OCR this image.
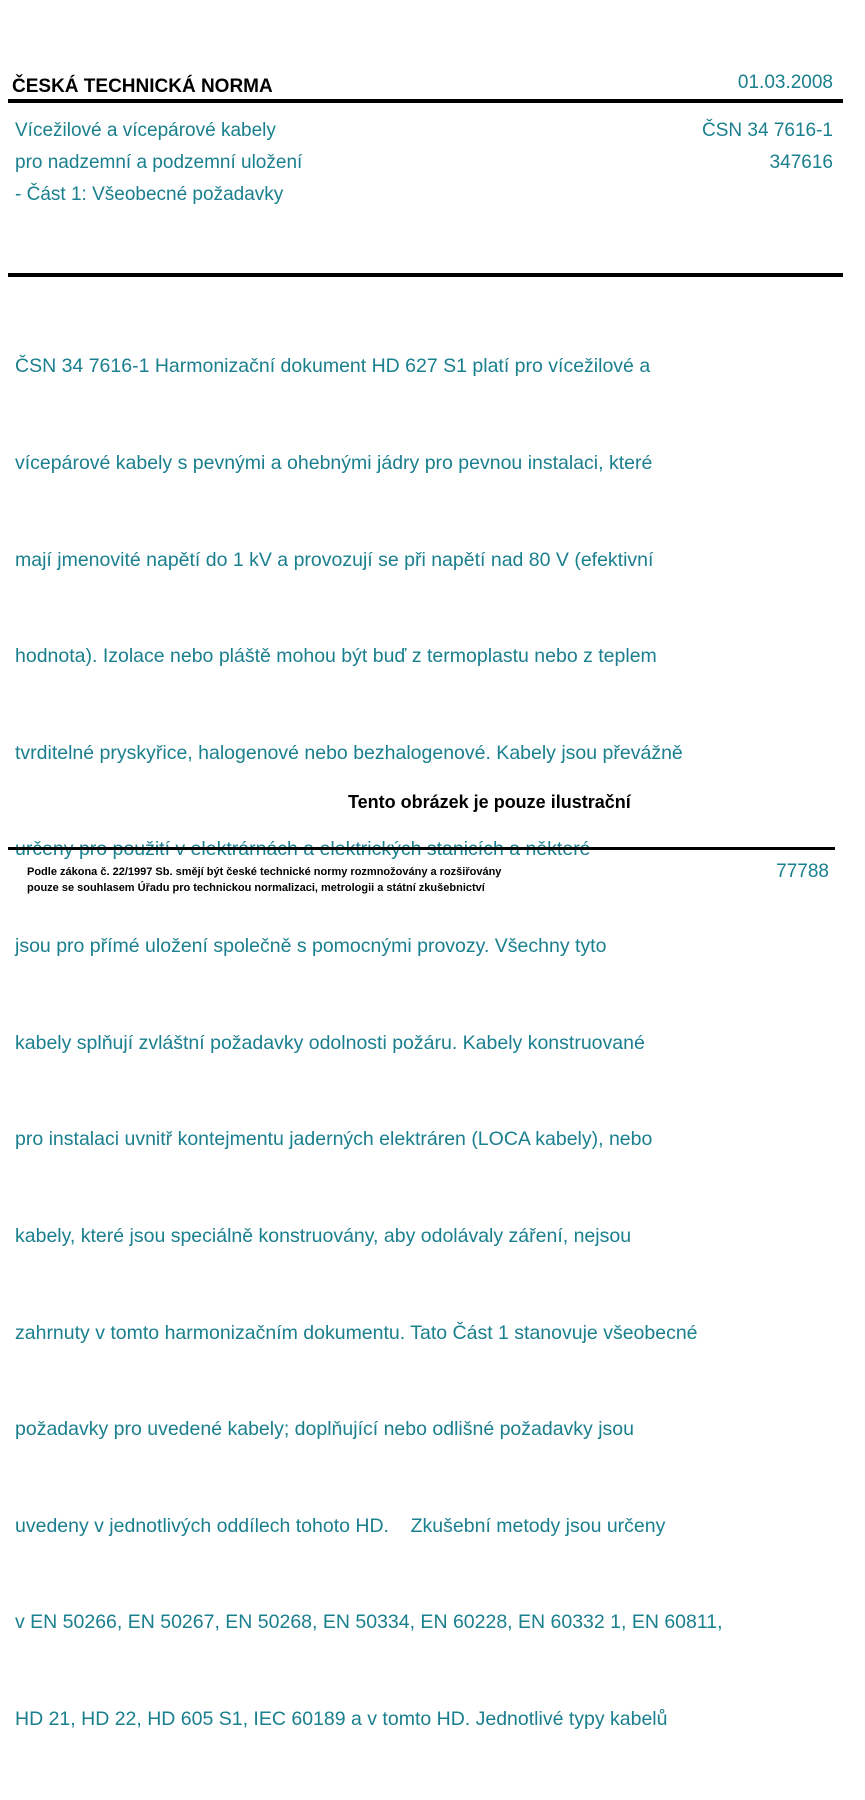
ČESKÁ TECHNICKÁ NORMA	01.03.2008
Vícežilové a vícepárové kabely
pro nadzemní a podzemní uložení
- Část 1: Všeobecné požadavky
ČSN 34 7616-1
347616

ČSN 34 7616-1 Harmonizační dokument HD 627 S1 platí pro vícežilové a

vícepárové kabely s pevnými a ohebnými jádry pro pevnou instalaci, které

mají jmenovité napětí do 1 kV a provozují se při napětí nad 80 V (efektivní

hodnota). Izolace nebo pláště mohou být buď z termoplastu nebo z teplem

tvrditelné pryskyřice, halogenové nebo bezhalogenové. Kabely jsou převážně

jsou pro přímé uložení společně s pomocnými provozy. Všechny tyto

kabely splňují zvláštní požadavky odolnosti požáru. Kabely konstruované

pro instalaci uvnitř kontejmentu jaderných elektráren (LOCA kabely), nebo

kabely, které jsou speciálně konstruovány, aby odolávaly záření, nejsou

zahrnuty v tomto harmonizačním dokumentu. Tato Část 1 stanovuje všeobecné

požadavky pro uvedené kabely; doplňující nebo odlišné požadavky jsou

uvedeny v jednotlivých oddílech tohoto HD.    Zkušební metody jsou určeny

v EN 50266, EN 50267, EN 50268, EN 50334, EN 60228, EN 60332 1, EN 60811,

HD 21, HD 22, HD 605 S1, IEC 60189 a v tomto HD. Jednotlivé typy kabelů

Tento obrázek je pouze ilustrační
Podle zákona č. 22/1997 Sb. smějí být české technické normy rozmnožovány a rozšiřovány
pouze se souhlasem Úřadu pro technickou normalizaci, metrologii a státní zkušebnictví
77788
